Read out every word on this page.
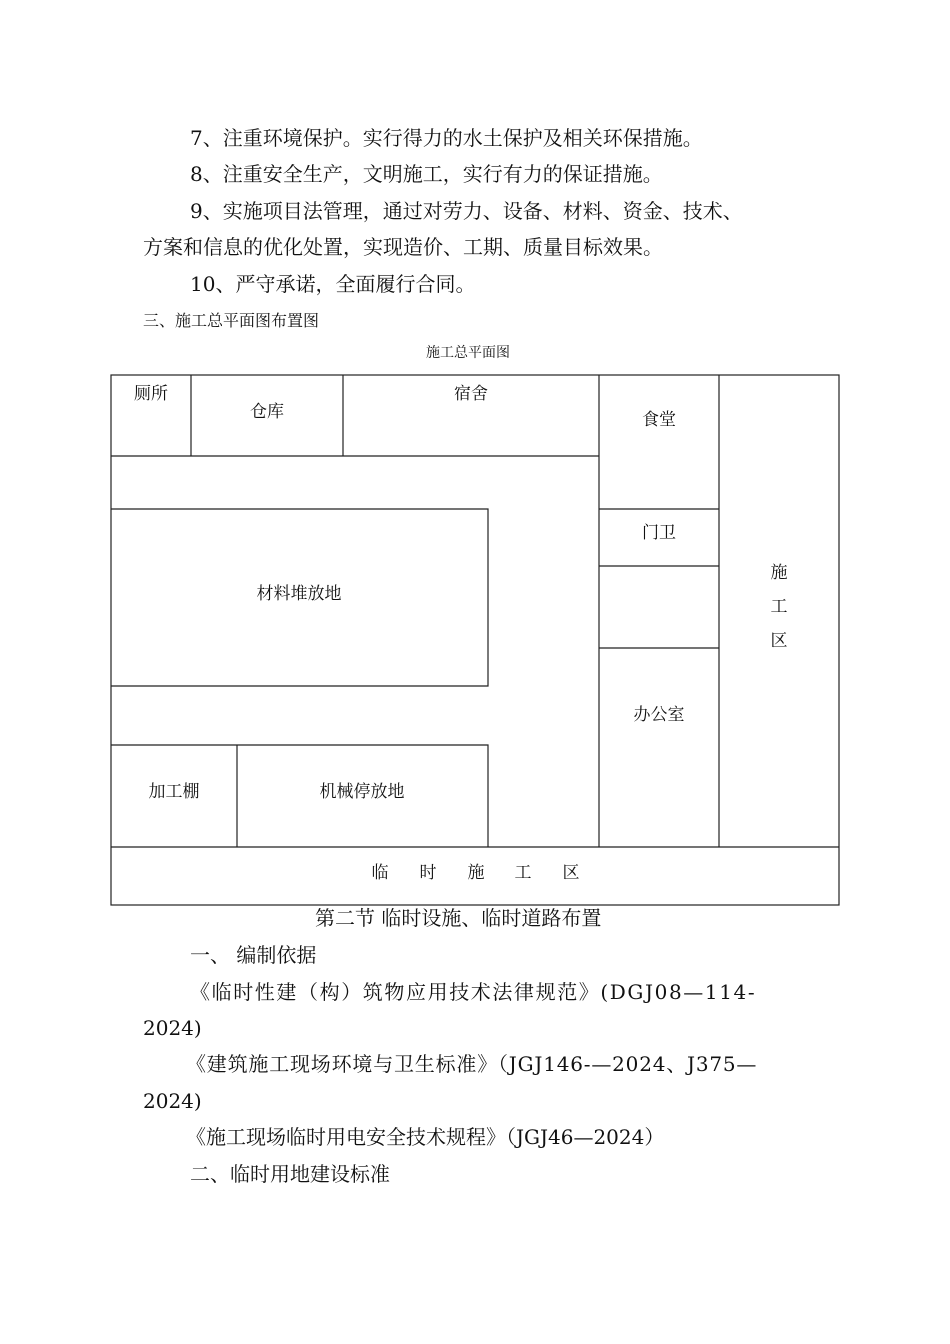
7、注重环境保护。实行得力的水土保护及相关环保措施。
8、注重安全生产，文明施工，实行有力的保证措施。
9、实施项目法管理，通过对劳力、设备、材料、资金、技术、
方案和信息的优化处置，实现造价、工期、质量目标效果。
10、严守承诺，全面履行合同。
三、施工总平面图布置图
施工总平面图
厕所
仓库
宿舍
食堂
门卫
材料堆放地
办公室
加工棚	机械停放地
施
工
区
临 时 施 工 区
第二节 临时设施、临时道路布置
一、 编制依据
《临时性建（构）筑物应用技术法律规范》(DGJ08—114-
2024)
《建筑施工现场环境与卫生标准》（JGJ146-—2024、J375—
2024)
《施工现场临时用电安全技术规程》（JGJ46—2024）
二、临时用地建设标准
